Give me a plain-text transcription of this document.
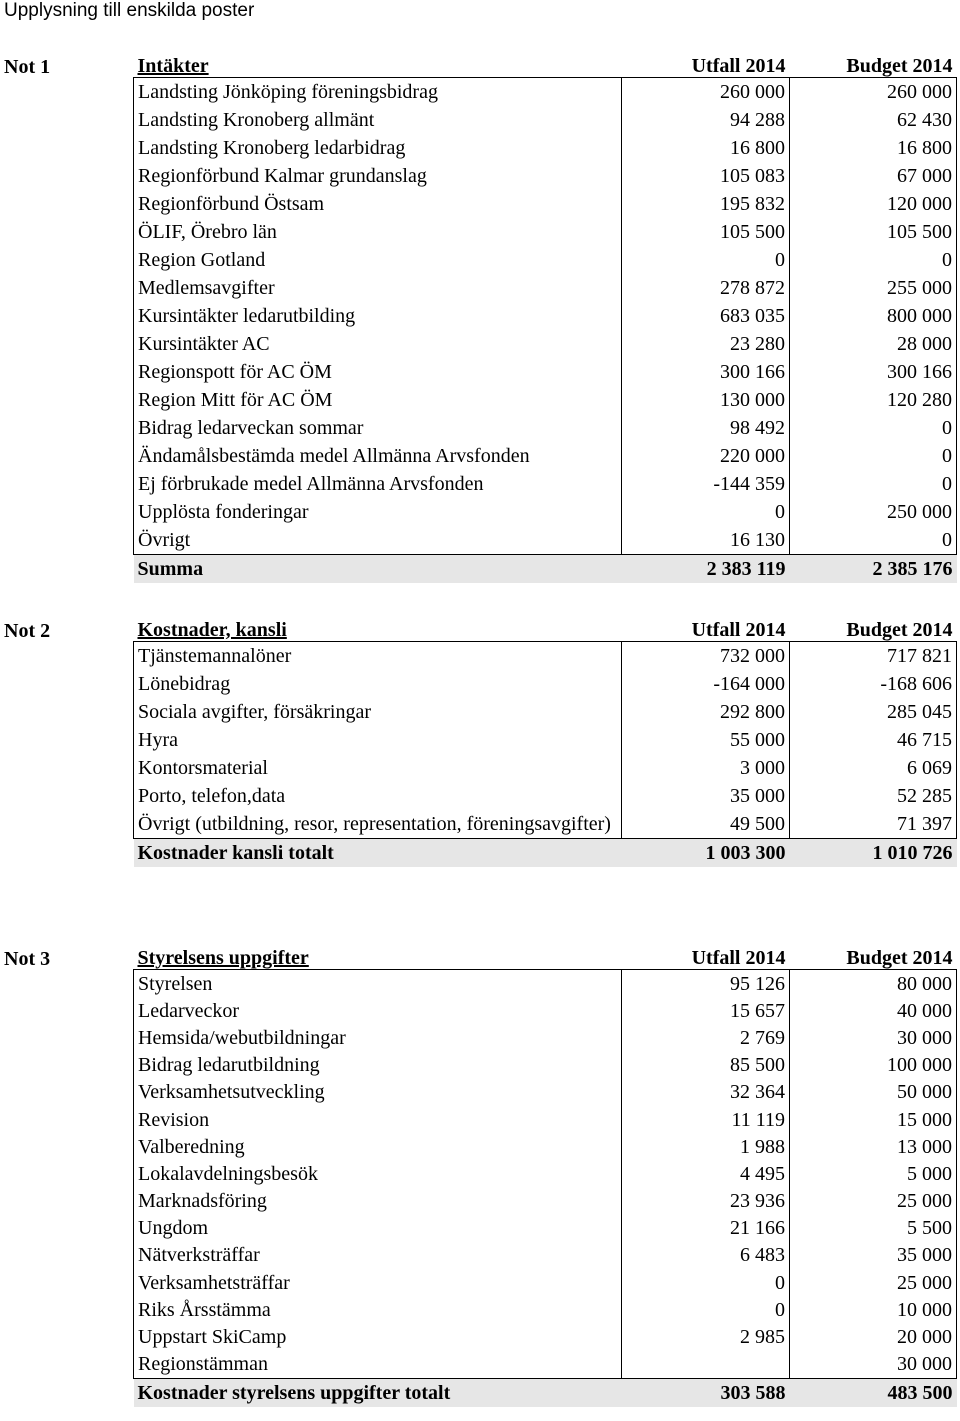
Upplysning till enskilda poster
Not 1	Intäkter	Utfall 2014	Budget 2014
Landsting Jönköping föreningsbidrag	260 000	260 000
Landsting Kronoberg allmänt	94 288	62 430
Landsting Kronoberg ledarbidrag	16 800	16 800
Regionförbund Kalmar grundanslag	105 083	67 000
Regionförbund Östsam	195 832	120 000
ÖLIF, Örebro län	105 500	105 500
Region Gotland	0	0
Medlemsavgifter	278 872	255 000
Kursintäkter ledarutbilding	683 035	800 000
Kursintäkter AC	23 280	28 000
Regionspott för AC ÖM	300 166	300 166
Region Mitt för AC ÖM	130 000	120 280
Bidrag ledarveckan sommar	98 492	0
Ändamålsbestämda medel Allmänna Arvsfonden	220 000	0
Ej förbrukade medel Allmänna Arvsfonden	-144 359	0
Upplösta fonderingar	0	250 000
Övrigt	16 130	0
Summa	2 383 119	2 385 176
Not 2	Kostnader, kansli	Utfall 2014	Budget 2014
Tjänstemannalöner	732 000	717 821
Lönebidrag	-164 000	-168 606
Sociala avgifter, försäkringar	292 800	285 045
Hyra	55 000	46 715
Kontorsmaterial	3 000	6 069
Porto, telefon,data	35 000	52 285
Övrigt (utbildning, resor, representation, föreningsavgifter)	49 500	71 397
Kostnader kansli totalt	1 003 300	1 010 726
Not 3	Styrelsens uppgifter	Utfall 2014	Budget 2014
Styrelsen	95 126	80 000
Ledarveckor	15 657	40 000
Hemsida/webutbildningar	2 769	30 000
Bidrag ledarutbildning	85 500	100 000
Verksamhetsutveckling	32 364	50 000
Revision	11 119	15 000
Valberedning	1 988	13 000
Lokalavdelningsbesök	4 495	5 000
Marknadsföring	23 936	25 000
Ungdom	21 166	5 500
Nätverksträffar	6 483	35 000
Verksamhetsträffar	0	25 000
Riks Årsstämma	0	10 000
Uppstart SkiCamp	2 985	20 000
Regionstämman		30 000
Kostnader styrelsens uppgifter totalt	303 588	483 500
